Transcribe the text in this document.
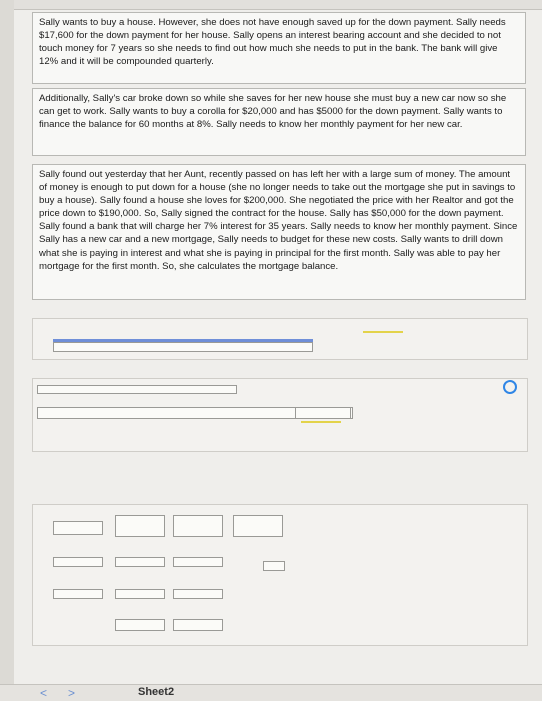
Sally wants to buy a house. However, she does not have enough saved up for the down payment. Sally needs $17,600 for the down payment for her house. Sally opens an interest bearing account and she decided to not touch money for 7 years so she needs to find out how much she needs to put in the bank. The bank will give 12% and it will be compounded quarterly.
Additionally, Sally's car broke down so while she saves for her new house she must buy a new car now so she can get to work. Sally wants to buy a corolla for $20,000 and has $5000 for the down payment. Sally wants to finance the balance for 60 months at 8%. Sally needs to know her monthly payment for her new car.
Sally found out yesterday that her Aunt, recently passed on has left her with a large sum of money. The amount of money is enough to put down for a house (she no longer needs to take out the mortgage she put in savings to buy a house). Sally found a house she loves for $200,000. She negotiated the price with her Realtor and got the price down to $190,000. So, Sally signed the contract for the house. Sally has $50,000 for the down payment. Sally found a bank that will charge her 7% interest for 35 years. Sally needs to know her monthly payment. Since Sally has a new car and a new mortgage, Sally needs to budget for these new costs. Sally wants to drill down what she is paying in interest and what she is paying in principal for the first month. Sally was able to pay her mortgage for the first month. So, she calculates the mortgage balance.
< >	Sheet2
